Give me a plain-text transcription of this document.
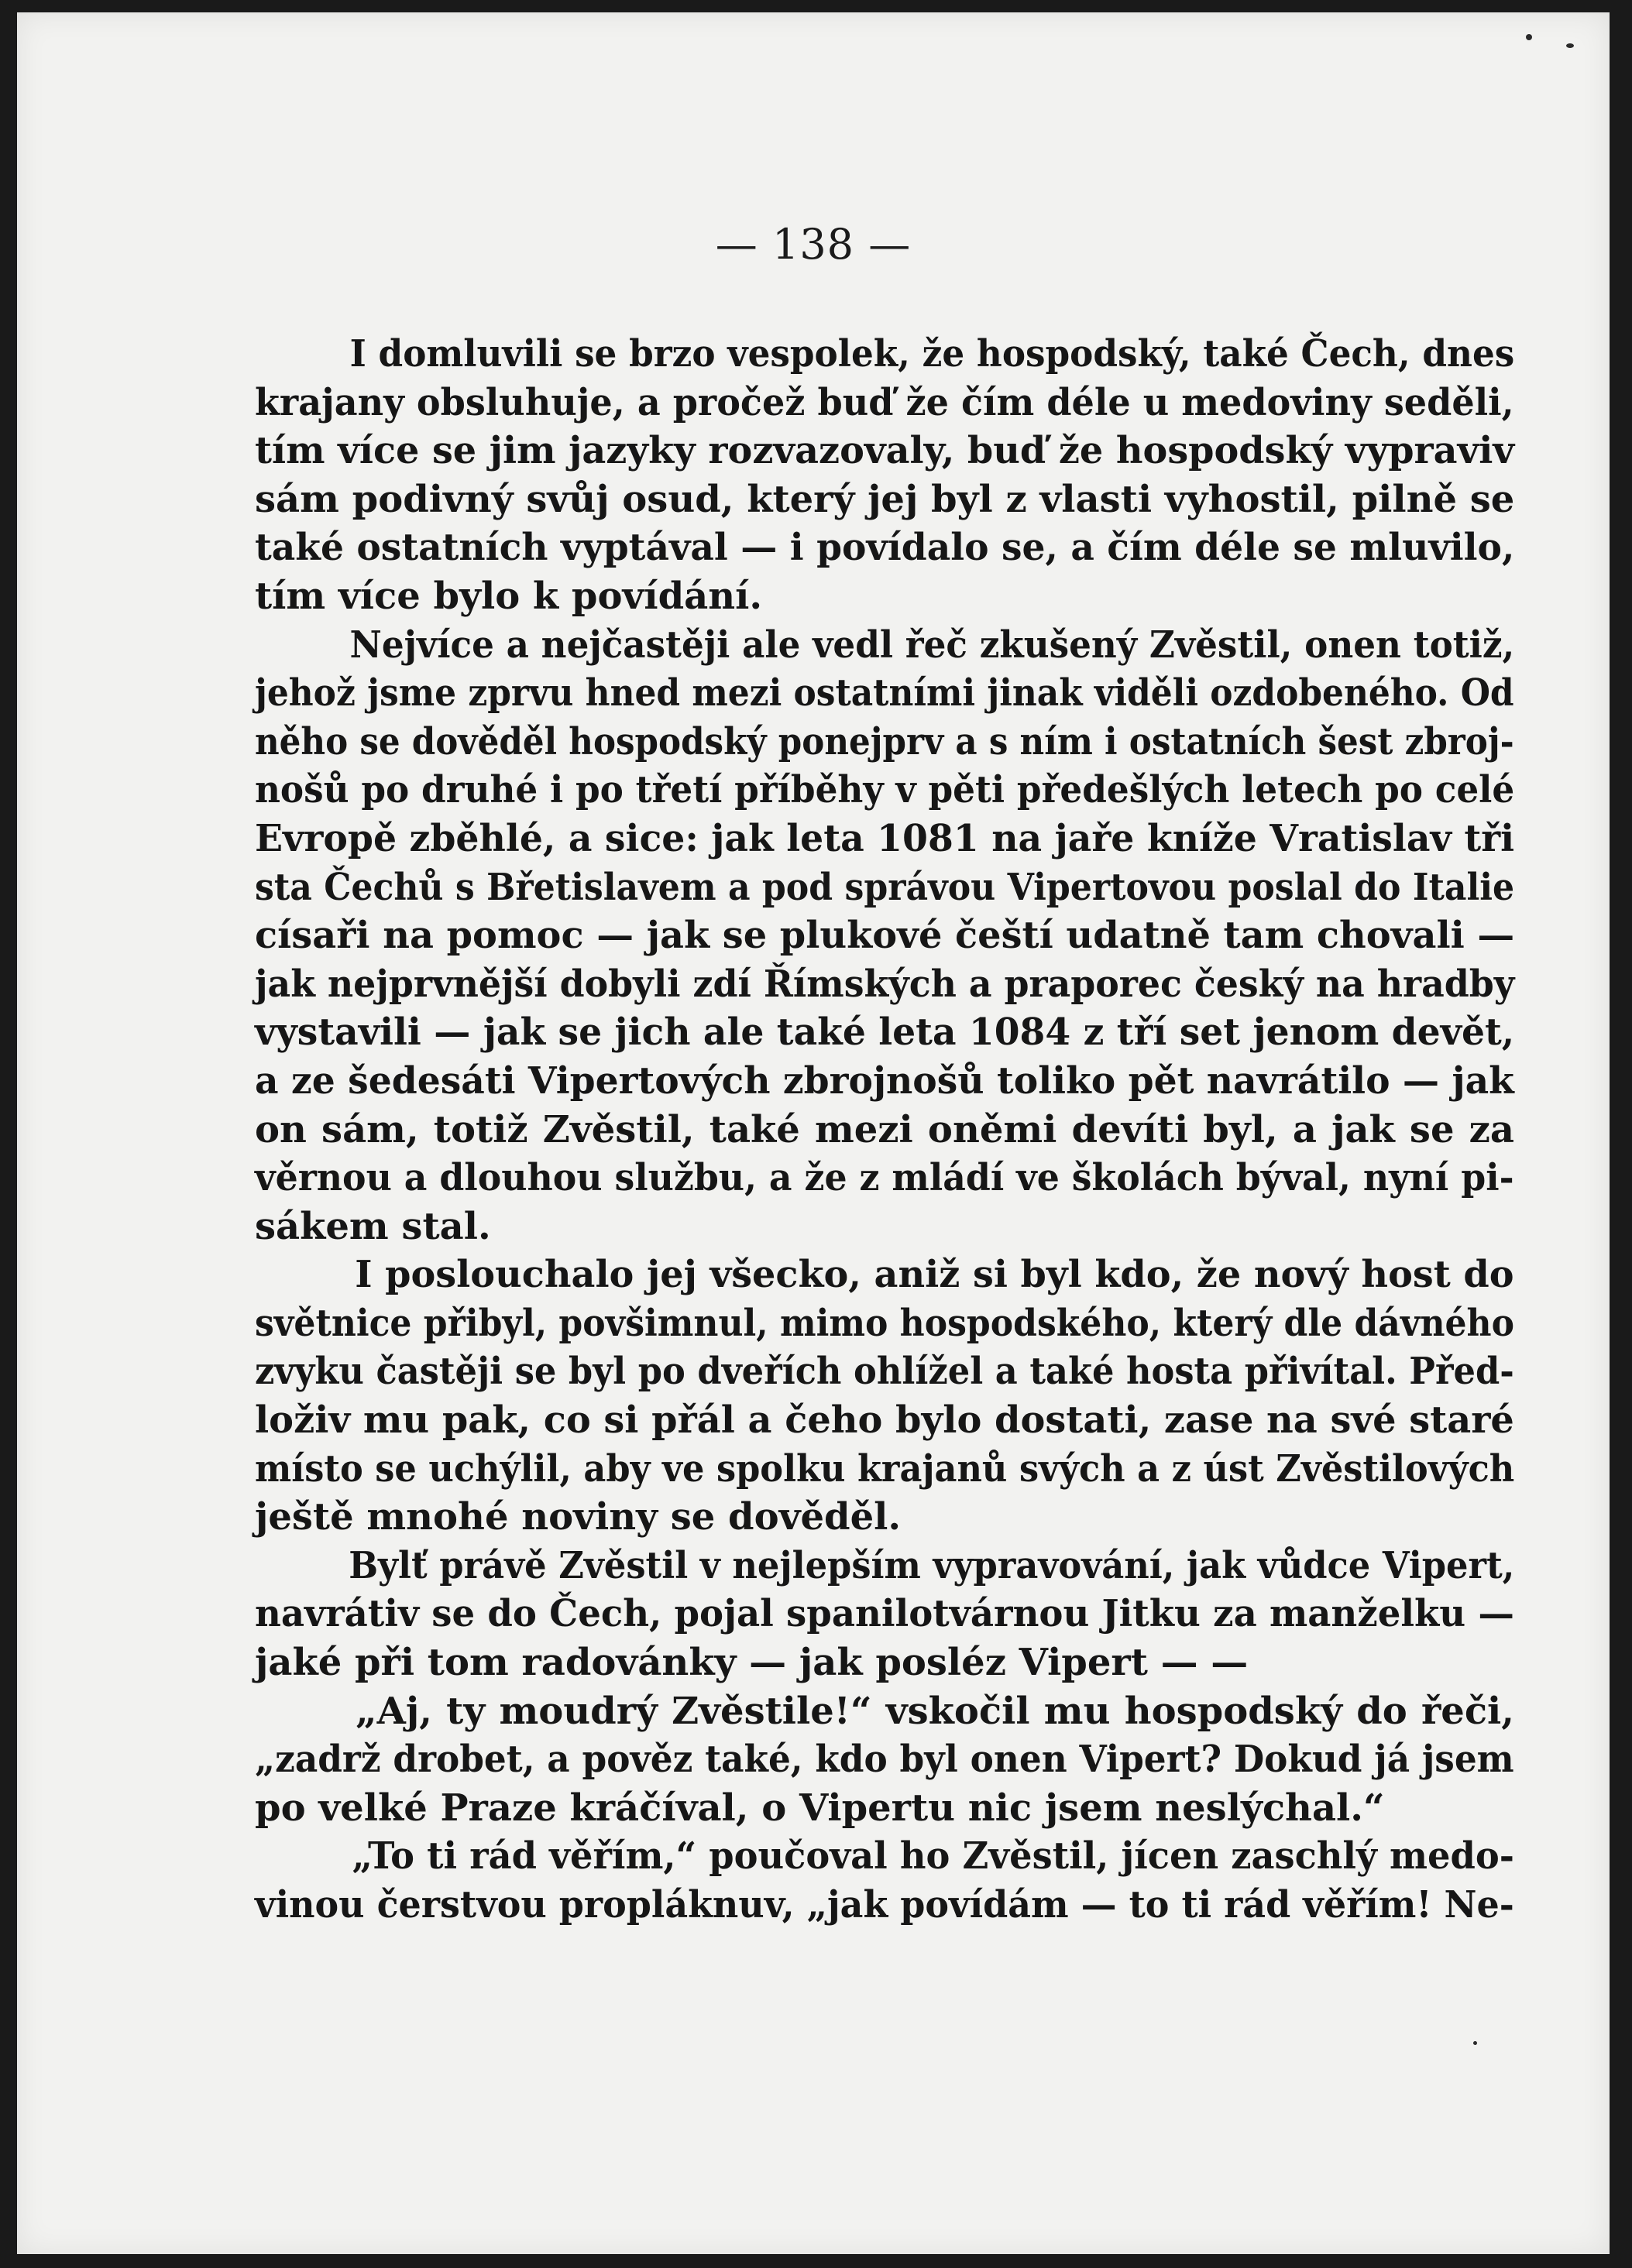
— 138 —

I domluvili se brzo vespolek, že hospodský, také Čech, dnes
krajany obsluhuje, a pročež buď že čím déle u medoviny seděli,
tím více se jim jazyky rozvazovaly, buď že hospodský vypraviv
sám podivný svůj osud, který jej byl z vlasti vyhostil, pilně se
také ostatních vyptával — i povídalo se, a čím déle se mluvilo,
tím více bylo k povídání.
Nejvíce a nejčastěji ale vedl řeč zkušený Zvěstil, onen totiž,
jehož jsme zprvu hned mezi ostatními jinak viděli ozdobeného. Od
něho se dověděl hospodský ponejprv a s ním i ostatních šest zbroj-
nošů po druhé i po třetí příběhy v pěti předešlých letech po celé
Evropě zběhlé, a sice: jak leta 1081 na jaře kníže Vratislav tři
sta Čechů s Břetislavem a pod správou Vipertovou poslal do Italie
císaři na pomoc — jak se plukové čeští udatně tam chovali —
jak nejprvnější dobyli zdí Římských a praporec český na hradby
vystavili — jak se jich ale také leta 1084 z tří set jenom devět,
a ze šedesáti Vipertových zbrojnošů toliko pět navrátilo — jak
on sám, totiž Zvěstil, také mezi oněmi devíti byl, a jak se za
věrnou a dlouhou službu, a že z mládí ve školách býval, nyní pi-
sákem stal.
I poslouchalo jej všecko, aniž si byl kdo, že nový host do
světnice přibyl, povšimnul, mimo hospodského, který dle dávného
zvyku častěji se byl po dveřích ohlížel a také hosta přivítal. Před-
loživ mu pak, co si přál a čeho bylo dostati, zase na své staré
místo se uchýlil, aby ve spolku krajanů svých a z úst Zvěstilových
ještě mnohé noviny se dověděl.
Bylť právě Zvěstil v nejlepším vypravování, jak vůdce Vipert,
navrátiv se do Čech, pojal spanilotvárnou Jitku za manželku —
jaké při tom radovánky — jak posléz Vipert — —
„Aj, ty moudrý Zvěstile!“ vskočil mu hospodský do řeči,
„zadrž drobet, a pověz také, kdo byl onen Vipert? Dokud já jsem
po velké Praze kráčíval, o Vipertu nic jsem neslýchal.“
„To ti rád věřím,“ poučoval ho Zvěstil, jícen zaschlý medo-
vinou čerstvou propláknuv, „jak povídám — to ti rád věřím! Ne-
